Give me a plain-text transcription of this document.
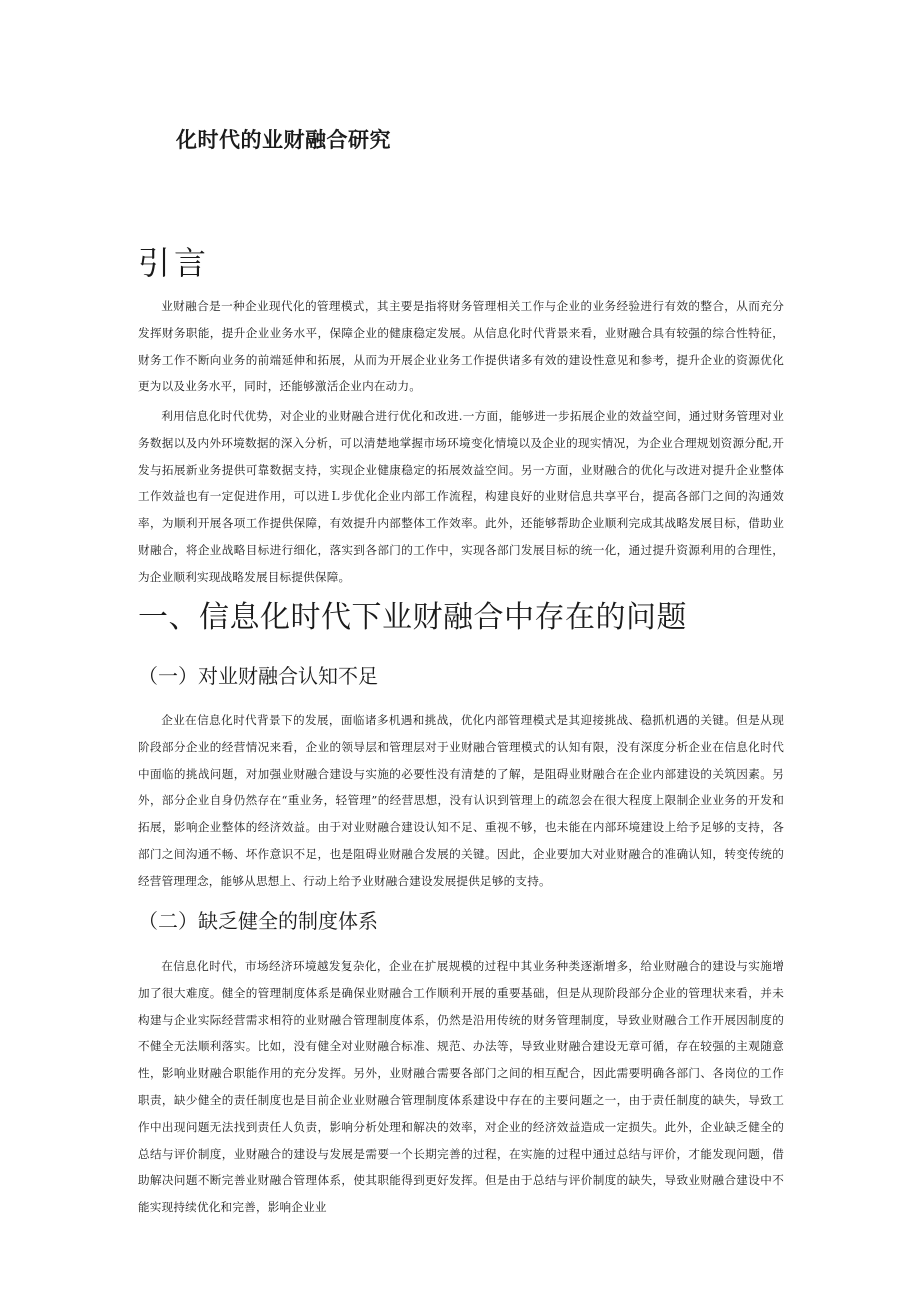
化时代的业财融合研究
引言

业财融合是一种企业现代化的管理模式，其主要是指将财务管理相关工作与企业的业务经验进行有效的整合，从而充分发挥财务职能，提升企业业务水平，保障企业的健康稳定发展。从信息化时代背景来看，业财融合具有较强的综合性特征，财务工作不断向业务的前端延伸和拓展，从而为开展企业业务工作提供诸多有效的建设性意见和参考，提升企业的资源优化更为以及业务水平，同时，还能够激活企业内在动力。

利用信息化时代优势，对企业的业财融合进行优化和改进.一方面，能够进一步拓展企业的效益空间，通过财务管理对业务数据以及内外环境数据的深入分析，可以清楚地掌握市场环境变化情境以及企业的现实情况，为企业合理规划资源分配,开发与拓展新业务提供可靠数据支持，实现企业健康稳定的拓展效益空间。另一方面，业财融合的优化与改进对提升企业整体工作效益也有一定促进作用，可以进Ｌ步优化企业内部工作流程，构建良好的业财信息共享平台，提高各部门之间的沟通效率，为顺利开展各项工作提供保障，有效提升内部整体工作效率。此外，还能够帮助企业顺利完成其战略发展目标，借助业财融合，将企业战略目标进行细化，落实到各部门的工作中，实现各部门发展目标的统一化，通过提升资源利用的合理性，为企业顺利实现战略发展目标提供保障。

一、信息化时代下业财融合中存在的问题
（一）对业财融合认知不足

企业在信息化时代背景下的发展，面临诸多机遇和挑战，优化内部管理模式是其迎接挑战、稳抓机遇的关键。但是从现阶段部分企业的经营情况来看，企业的领导层和管理层对于业财融合管理模式的认知有限，没有深度分析企业在信息化时代中面临的挑战问题，对加强业财融合建设与实施的必要性没有清楚的了解，是阻碍业财融合在企业内部建设的关筑因素。另外，部分企业自身仍然存在“重业务，轻管理”的经营思想，没有认识到管理上的疏忽会在很大程度上限制企业业务的开发和拓展，影响企业整体的经济效益。由于对业财融合建设认知不足、重视不够，也未能在内部环境建设上给予足够的支持，各部门之间沟通不畅、坏作意识不足，也是阻碍业财融合发展的关键。因此，企业要加大对业财融合的准确认知，转变传统的经营管理理念，能够从思想上、行动上给予业财融合建设发展提供足够的支持。

（二）缺乏健全的制度体系

在信息化时代，市场经济环境越发复杂化，企业在扩展规模的过程中其业务种类逐渐增多，给业财融合的建设与实施增加了很大难度。健全的管理制度体系是确保业财融合工作顺利开展的重要基础，但是从现阶段部分企业的管理状来看，并未构建与企业实际经营需求相符的业财融合管理制度体系，仍然是沿用传统的财务管理制度，导致业财融合工作开展因制度的不健全无法顺利落实。比如，没有健全对业财融合标准、规范、办法等，导致业财融合建设无章可循，存在较强的主观随意性，影响业财融合职能作用的充分发挥。另外，业财融合需要各部门之间的相互配合，因此需要明确各部门、各岗位的工作职责，缺少健全的责任制度也是目前企业业财融合管理制度体系建设中存在的主要问题之一，由于责任制度的缺失，导致工作中出现问题无法找到责任人负责，影响分析处理和解决的效率，对企业的经济效益造成一定损失。此外，企业缺乏健全的总结与评价制度，业财融合的建设与发展是需要一个长期完善的过程，在实施的过程中通过总结与评价，才能发现问题，借助解决问题不断完善业财融合管理体系，使其职能得到更好发挥。但是由于总结与评价制度的缺失，导致业财融合建设中不能实现持续优化和完善，影响企业业
